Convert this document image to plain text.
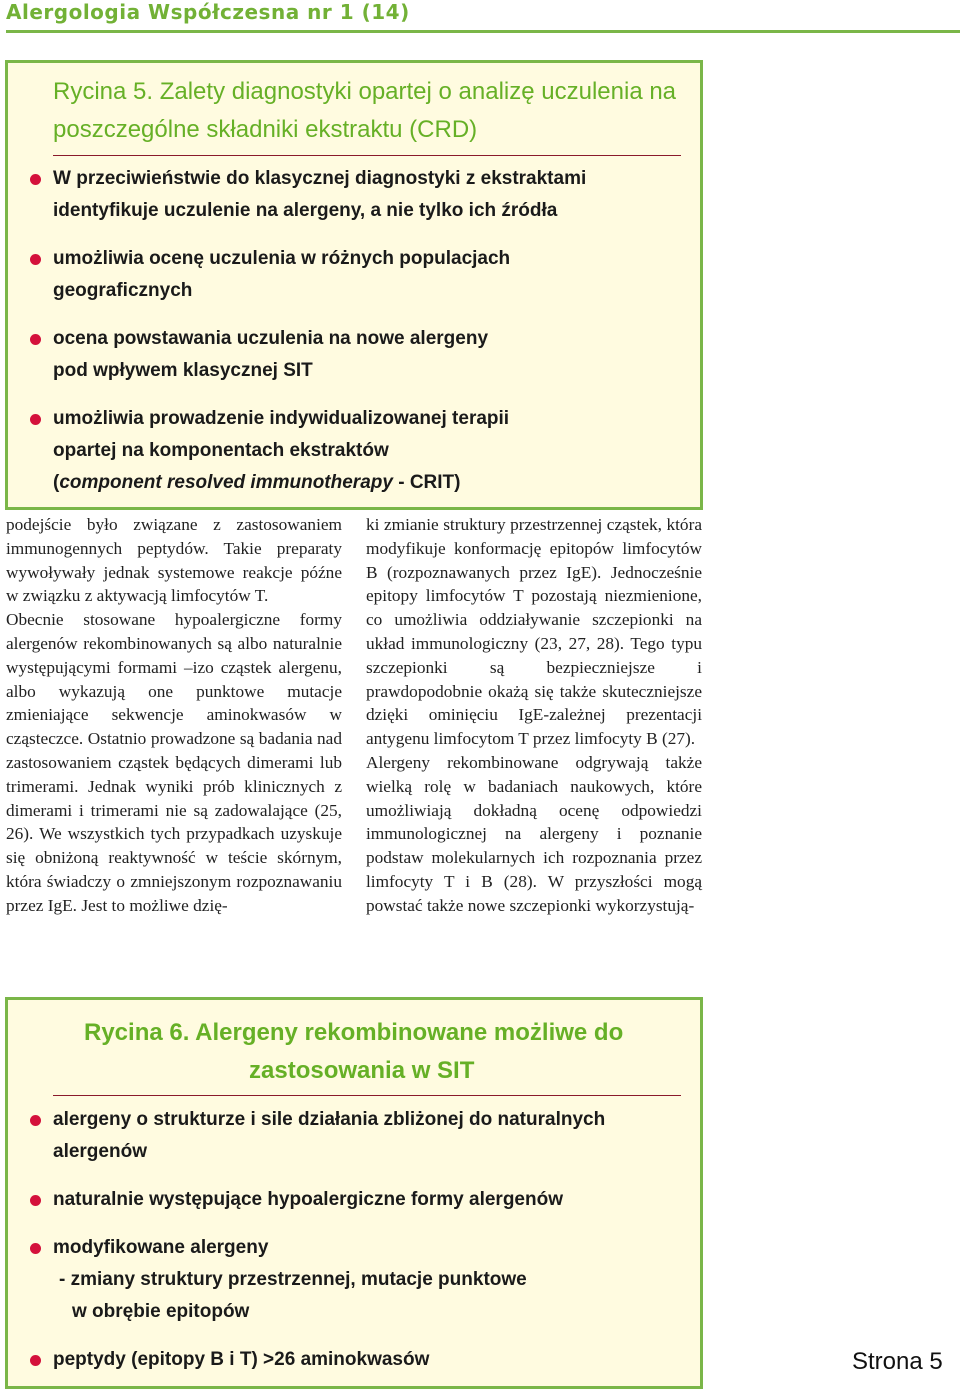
Alergologia Współczesna nr 1 (14)
Rycina 5. Zalety diagnostyki opartej o analizę uczulenia na poszczególne składniki ekstraktu (CRD)
W przeciwieństwie do klasycznej diagnostyki z ekstraktami
identyfikuje uczulenie na alergeny, a nie tylko ich źródła
umożliwia ocenę uczulenia w różnych populacjach
geograficznych
ocena powstawania uczulenia na nowe alergeny
pod wpływem klasycznej SIT
umożliwia prowadzenie indywidualizowanej terapii
opartej na komponentach ekstraktów
(component resolved immunotherapy - CRIT)

podejście było związane z zastosowaniem immunogennych peptydów. Takie preparaty wywoływały jednak systemowe reakcje późne w związku z aktywacją limfocytów T.

Obecnie stosowane hypoalergiczne formy alergenów rekombinowanych są albo naturalnie występującymi formami –izo cząstek alergenu, albo wykazują one punktowe mutacje zmieniające sekwencje aminokwasów w cząsteczce. Ostatnio prowadzone są badania nad zastosowaniem cząstek będących dimerami lub trimerami. Jednak wyniki prób klinicznych z dimerami i trimerami nie są zadowalające (25, 26). We wszystkich tych przypadkach uzyskuje się obniżoną reaktywność w teście skórnym, która świadczy o zmniejszonym rozpoznawaniu przez IgE. Jest to możliwe dzię-

ki zmianie struktury przestrzennej cząstek, która modyfikuje konformację epitopów limfocytów B (rozpoznawanych przez IgE). Jednocześnie epitopy limfocytów T pozostają niezmienione, co umożliwia oddziaływanie szczepionki na układ immunologiczny (23, 27, 28). Tego typu szczepionki są bezpieczniejsze i prawdopodobnie okażą się także skuteczniejsze dzięki ominięciu IgE-zależnej prezentacji antygenu limfocytom T przez limfocyty B (27).

Alergeny rekombinowane odgrywają także wielką rolę w badaniach naukowych, które umożliwiają dokładną ocenę odpowiedzi immunologicznej na alergeny i poznanie podstaw molekularnych ich rozpoznania przez limfocyty T i B (28). W przyszłości mogą powstać także nowe szczepionki wykorzystują-

Rycina 6. Alergeny rekombinowane możliwe do
zastosowania w SIT
alergeny o strukturze i sile działania zbliżonej do naturalnych
alergenów
naturalnie występujące hypoalergiczne formy alergenów
modyfikowane alergeny
- zmiany struktury przestrzennej, mutacje punktowe
w obrębie epitopów
peptydy (epitopy B i T) >26 aminokwasów	Strona 5
